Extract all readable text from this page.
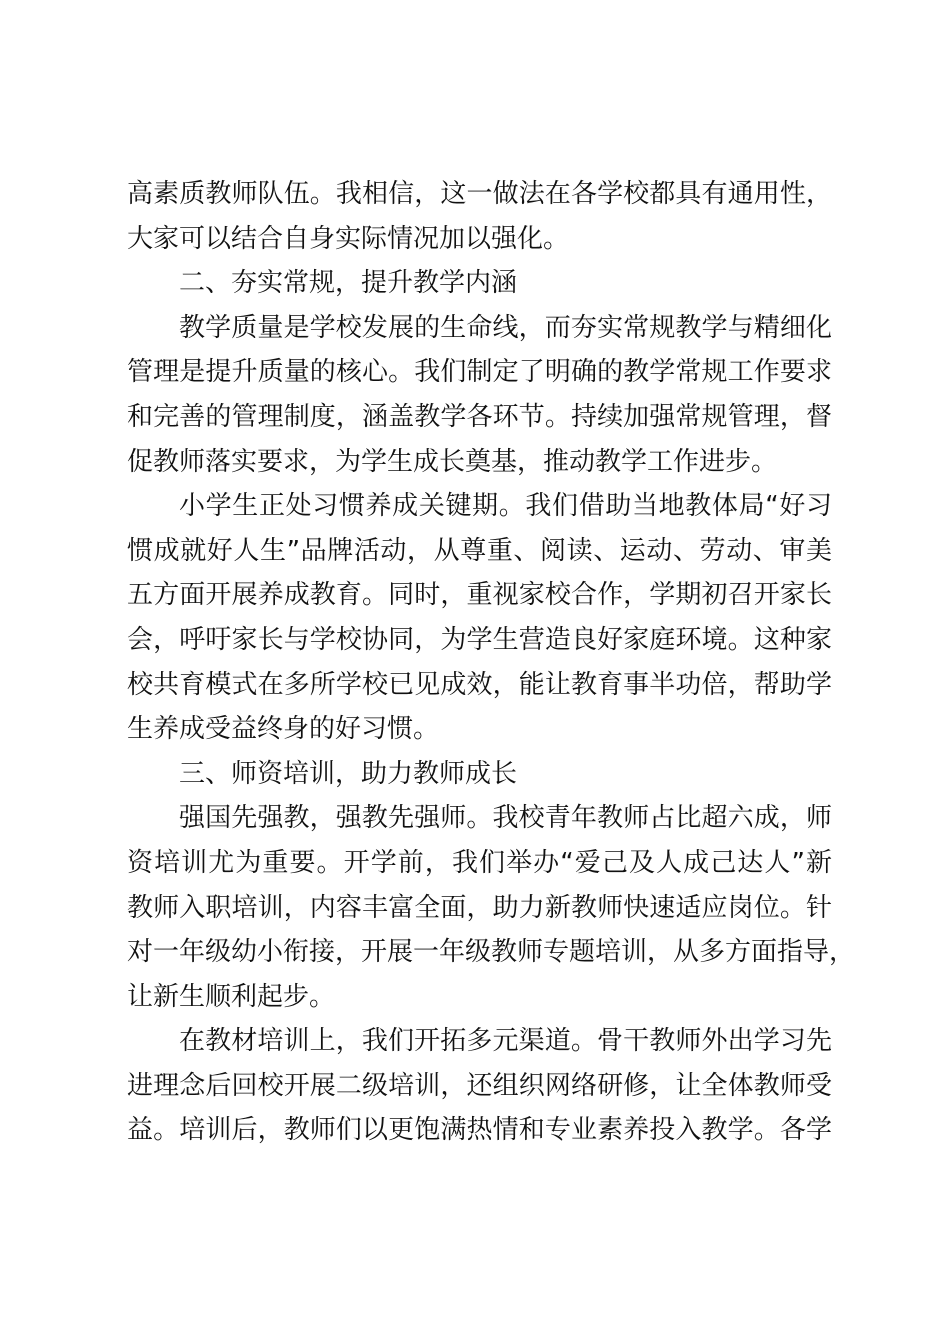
高素质教师队伍。我相信，这一做法在各学校都具有通用性，
大家可以结合自身实际情况加以强化。
二、夯实常规，提升教学内涵
教学质量是学校发展的生命线，而夯实常规教学与精细化
管理是提升质量的核心。我们制定了明确的教学常规工作要求
和完善的管理制度，涵盖教学各环节。持续加强常规管理，督
促教师落实要求，为学生成长奠基，推动教学工作进步。
小学生正处习惯养成关键期。我们借助当地教体局“好习
惯成就好人生”品牌活动，从尊重、阅读、运动、劳动、审美
五方面开展养成教育。同时，重视家校合作，学期初召开家长
会，呼吁家长与学校协同，为学生营造良好家庭环境。这种家
校共育模式在多所学校已见成效，能让教育事半功倍，帮助学
生养成受益终身的好习惯。
三、师资培训，助力教师成长
强国先强教，强教先强师。我校青年教师占比超六成，师
资培训尤为重要。开学前，我们举办“爱己及人成己达人”新
教师入职培训，内容丰富全面，助力新教师快速适应岗位。针
对一年级幼小衔接，开展一年级教师专题培训，从多方面指导，
让新生顺利起步。
在教材培训上，我们开拓多元渠道。骨干教师外出学习先
进理念后回校开展二级培训，还组织网络研修，让全体教师受
益。培训后，教师们以更饱满热情和专业素养投入教学。各学
